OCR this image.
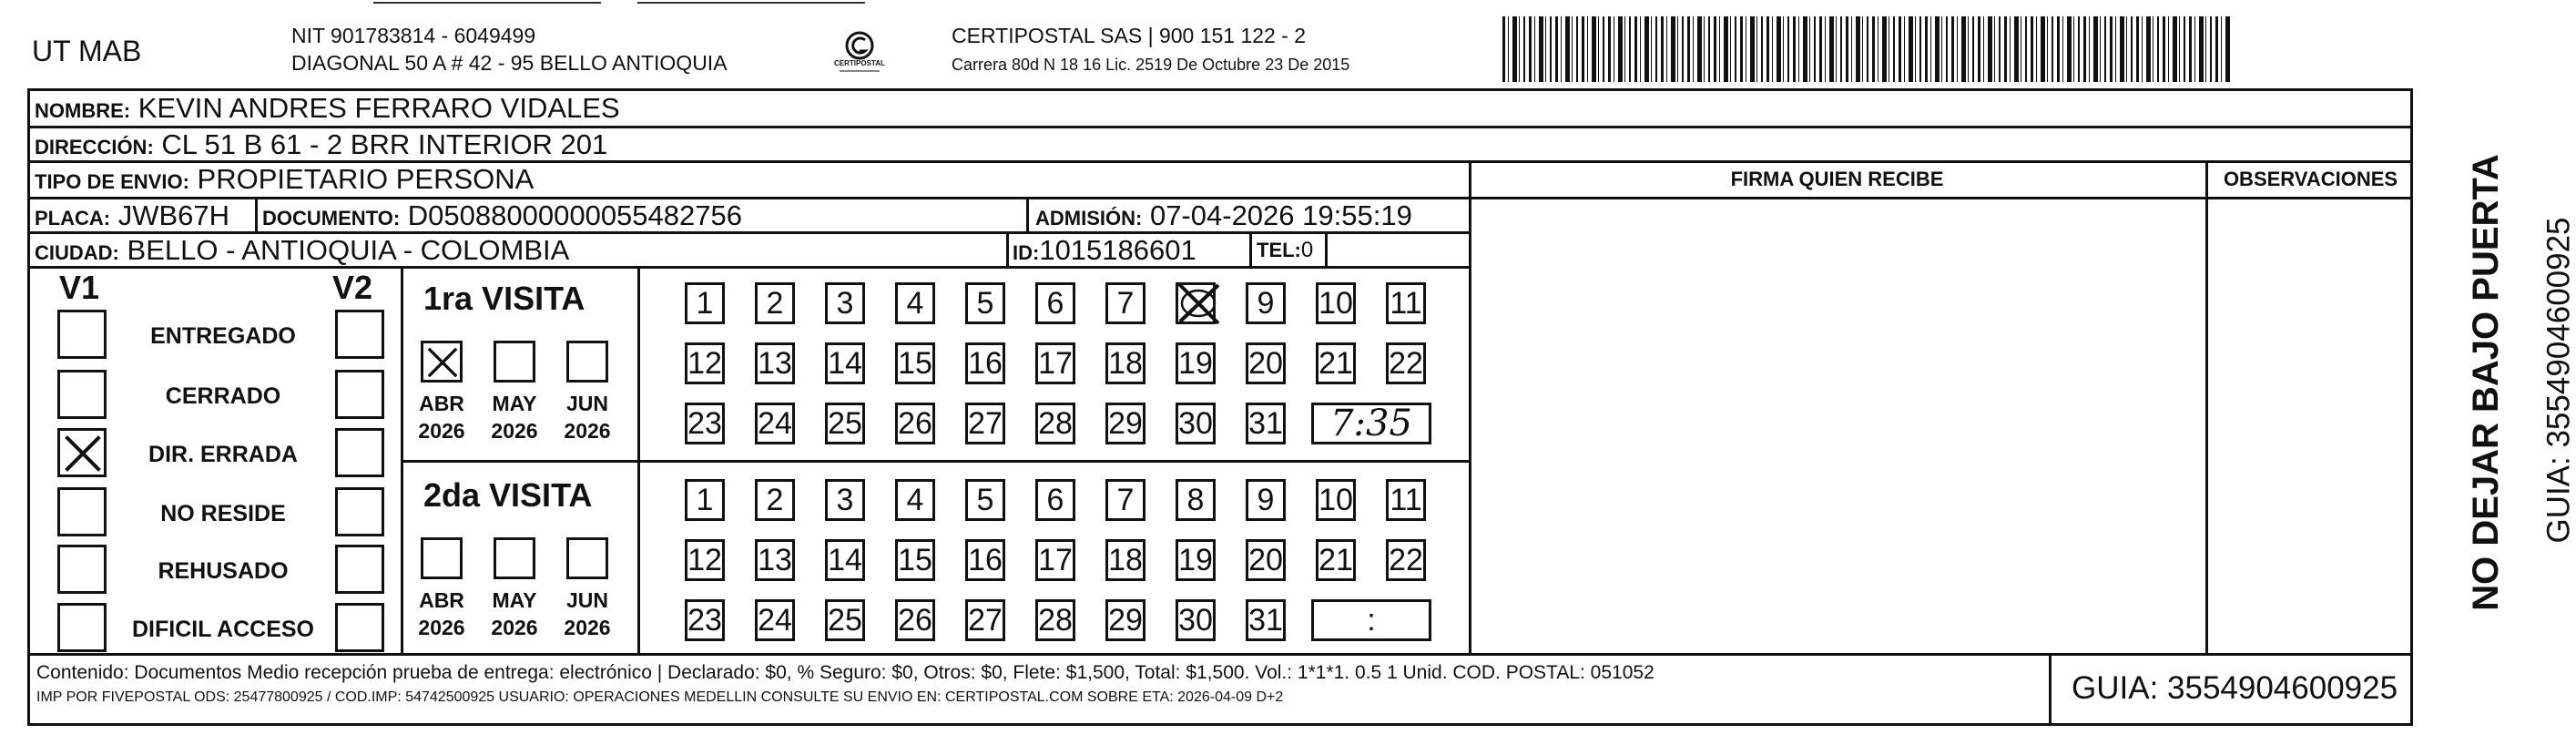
UT MAB	NIT 901783814 - 6049499
DIAGONAL 50 A # 42 - 95 BELLO ANTIOQUIA	CERTIPOSTAL
CERTIPOSTAL SAS | 900 151 122 - 2
Carrera 80d N 18 16 Lic. 2519 De Octubre 23 De 2015
NOMBRE: KEVIN ANDRES FERRARO VIDALES
DIRECCIÓN: CL 51 B 61 - 2 BRR INTERIOR 201
TIPO DE ENVIO: PROPIETARIO PERSONA
PLACA: JWB67H DOCUMENTO: D05088000000055482756	ADMISIÓN: 07-04-2026 19:55:19
CIUDAD: BELLO - ANTIOQUIA - COLOMBIA	ID:1015186601	TEL:0
FIRMA QUIEN RECIBE	OBSERVACIONES
V1	V2
ENTREGADO
CERRADO
DIR. ERRADA
NO RESIDE
REHUSADO
DIFICIL ACCESO
1ra VISITA
ABR
2026
MAY
2026
JUN
2026
1 2 3 4 5 6 7	9 10 11
12 13 14 15 16 17 18 19 20 21 22
23 24 25 26 27 28 29 30 31 7:35
2da VISITA
ABR
2026
MAY
2026
JUN
2026
1 2 3 4 5 6 7 8 9 10 11
12 13 14 15 16 17 18 19 20 21 22
23 24 25 26 27 28 29 30 31	:
Contenido: Documentos Medio recepción prueba de entrega: electrónico | Declarado: $0, % Seguro: $0, Otros: $0, Flete: $1,500, Total: $1,500. Vol.: 1*1*1. 0.5 1 Unid. COD. POSTAL: 051052
IMP POR FIVEPOSTAL ODS: 25477800925 / COD.IMP: 54742500925 USUARIO: OPERACIONES MEDELLIN CONSULTE SU ENVIO EN: CERTIPOSTAL.COM SOBRE ETA: 2026-04-09 D+2	GUIA: 3554904600925
NO DEJAR BAJO PUERTA GUIA: 3554904600925
